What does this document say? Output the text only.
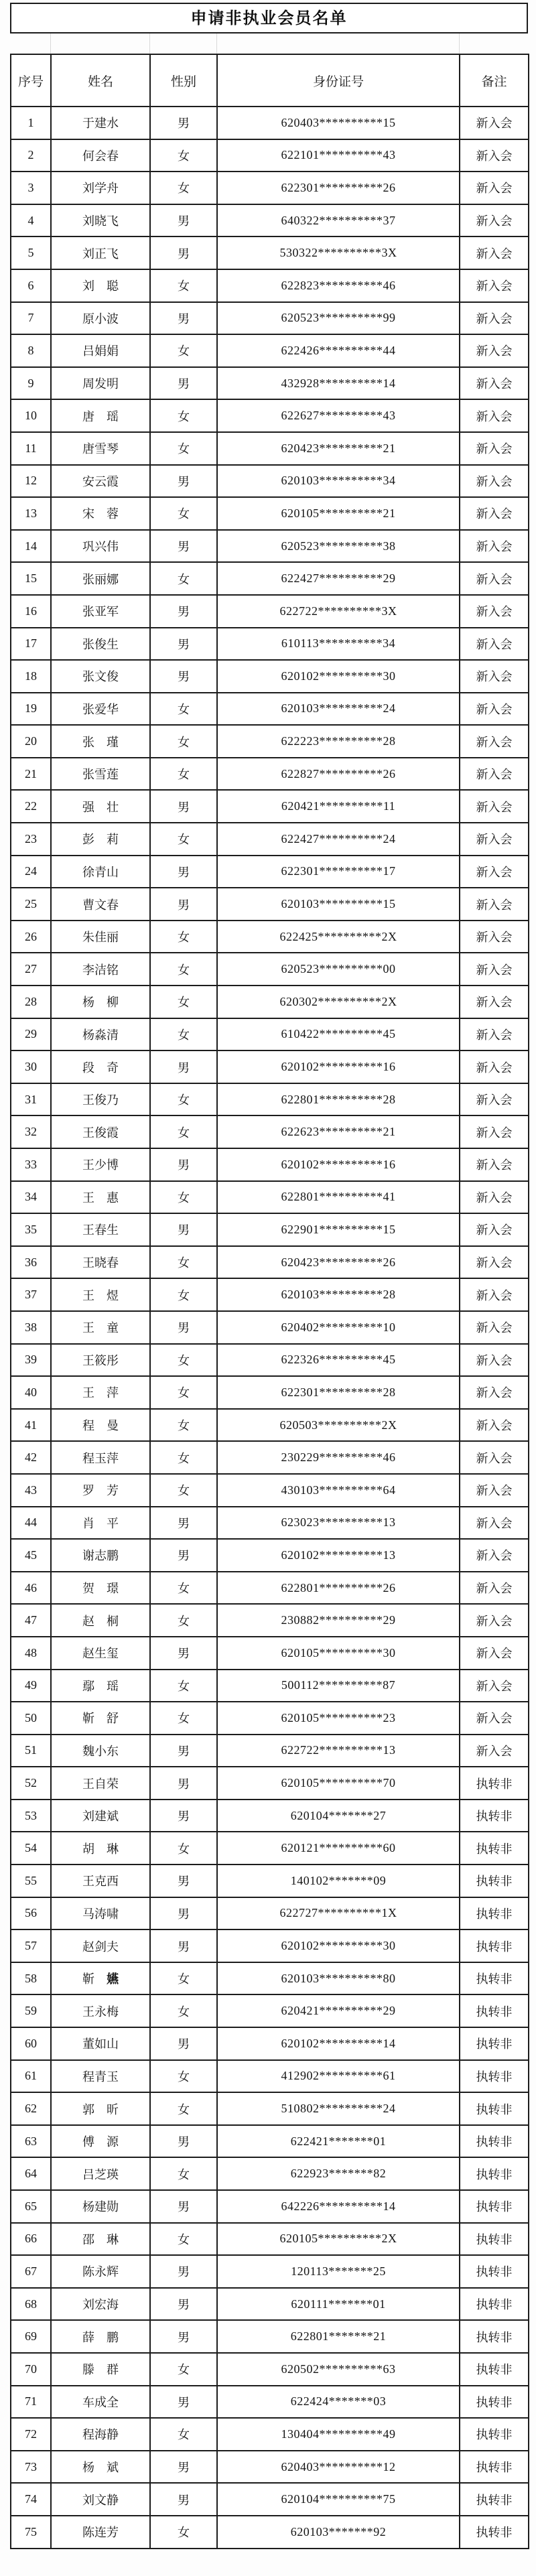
申请非执业会员名单
序号	姓名	性别	身份证号	备注
1	于建水	男	620403**********15	新入会
2	何会春	女	622101**********43	新入会
3	刘学舟	女	622301**********26	新入会
4	刘晓飞	男	640322**********37	新入会
5	刘正飞	男	530322**********3X	新入会
6	刘　聪	女	622823**********46	新入会
7	原小波	男	620523**********99	新入会
8	吕娟娟	女	622426**********44	新入会
9	周发明	男	432928**********14	新入会
10	唐　瑶	女	622627**********43	新入会
11	唐雪琴	女	620423**********21	新入会
12	安云霞	男	620103**********34	新入会
13	宋　蓉	女	620105**********21	新入会
14	巩兴伟	男	620523**********38	新入会
15	张丽娜	女	622427**********29	新入会
16	张亚军	男	622722**********3X	新入会
17	张俊生	男	610113**********34	新入会
18	张文俊	男	620102**********30	新入会
19	张爱华	女	620103**********24	新入会
20	张　瑾	女	622223**********28	新入会
21	张雪莲	女	622827**********26	新入会
22	强　壮	男	620421**********11	新入会
23	彭　莉	女	622427**********24	新入会
24	徐青山	男	622301**********17	新入会
25	曹文春	男	620103**********15	新入会
26	朱佳丽	女	622425**********2X	新入会
27	李洁铭	女	620523**********00	新入会
28	杨　柳	女	620302**********2X	新入会
29	杨淼清	女	610422**********45	新入会
30	段　奇	男	620102**********16	新入会
31	王俊乃	女	622801**********28	新入会
32	王俊霞	女	622623**********21	新入会
33	王少博	男	620102**********16	新入会
34	王　惠	女	622801**********41	新入会
35	王春生	男	622901**********15	新入会
36	王晓春	女	620423**********26	新入会
37	王　煜	女	620103**********28	新入会
38	王　童	男	620402**********10	新入会
39	王筱彤	女	622326**********45	新入会
40	王　萍	女	622301**********28	新入会
41	程　曼	女	620503**********2X	新入会
42	程玉萍	女	230229**********46	新入会
43	罗　芳	女	430103**********64	新入会
44	肖　平	男	623023**********13	新入会
45	谢志鹏	男	620102**********13	新入会
46	贺　璟	女	622801**********26	新入会
47	赵　桐	女	230882**********29	新入会
48	赵生玺	男	620105**********30	新入会
49	鄢　瑶	女	500112**********87	新入会
50	靳　舒	女	620105**********23	新入会
51	魏小东	男	622722**********13	新入会
52	王自荣	男	620105**********70	执转非
53	刘建斌	男	620104*******27	执转非
54	胡　琳	女	620121**********60	执转非
55	王克西	男	140102*******09	执转非
56	马涛啸	男	622727**********1X	执转非
57	赵剑夫	男	620102**********30	执转非
58	靳　嬿	女	620103**********80	执转非
59	王永梅	女	620421**********29	执转非
60	董如山	男	620102**********14	执转非
61	程青玉	女	412902**********61	执转非
62	郭　昕	女	510802**********24	执转非
63	傅　源	男	622421*******01	执转非
64	吕芝瑛	女	622923*******82	执转非
65	杨建勋	男	642226**********14	执转非
66	邵　琳	女	620105**********2X	执转非
67	陈永辉	男	120113*******25	执转非
68	刘宏海	男	620111*******01	执转非
69	薛　鹏	男	622801*******21	执转非
70	滕　群	女	620502**********63	执转非
71	车成全	男	622424*******03	执转非
72	程海静	女	130404**********49	执转非
73	杨　斌	男	620403**********12	执转非
74	刘文静	男	620104**********75	执转非
75	陈连芳	女	620103*******92	执转非
